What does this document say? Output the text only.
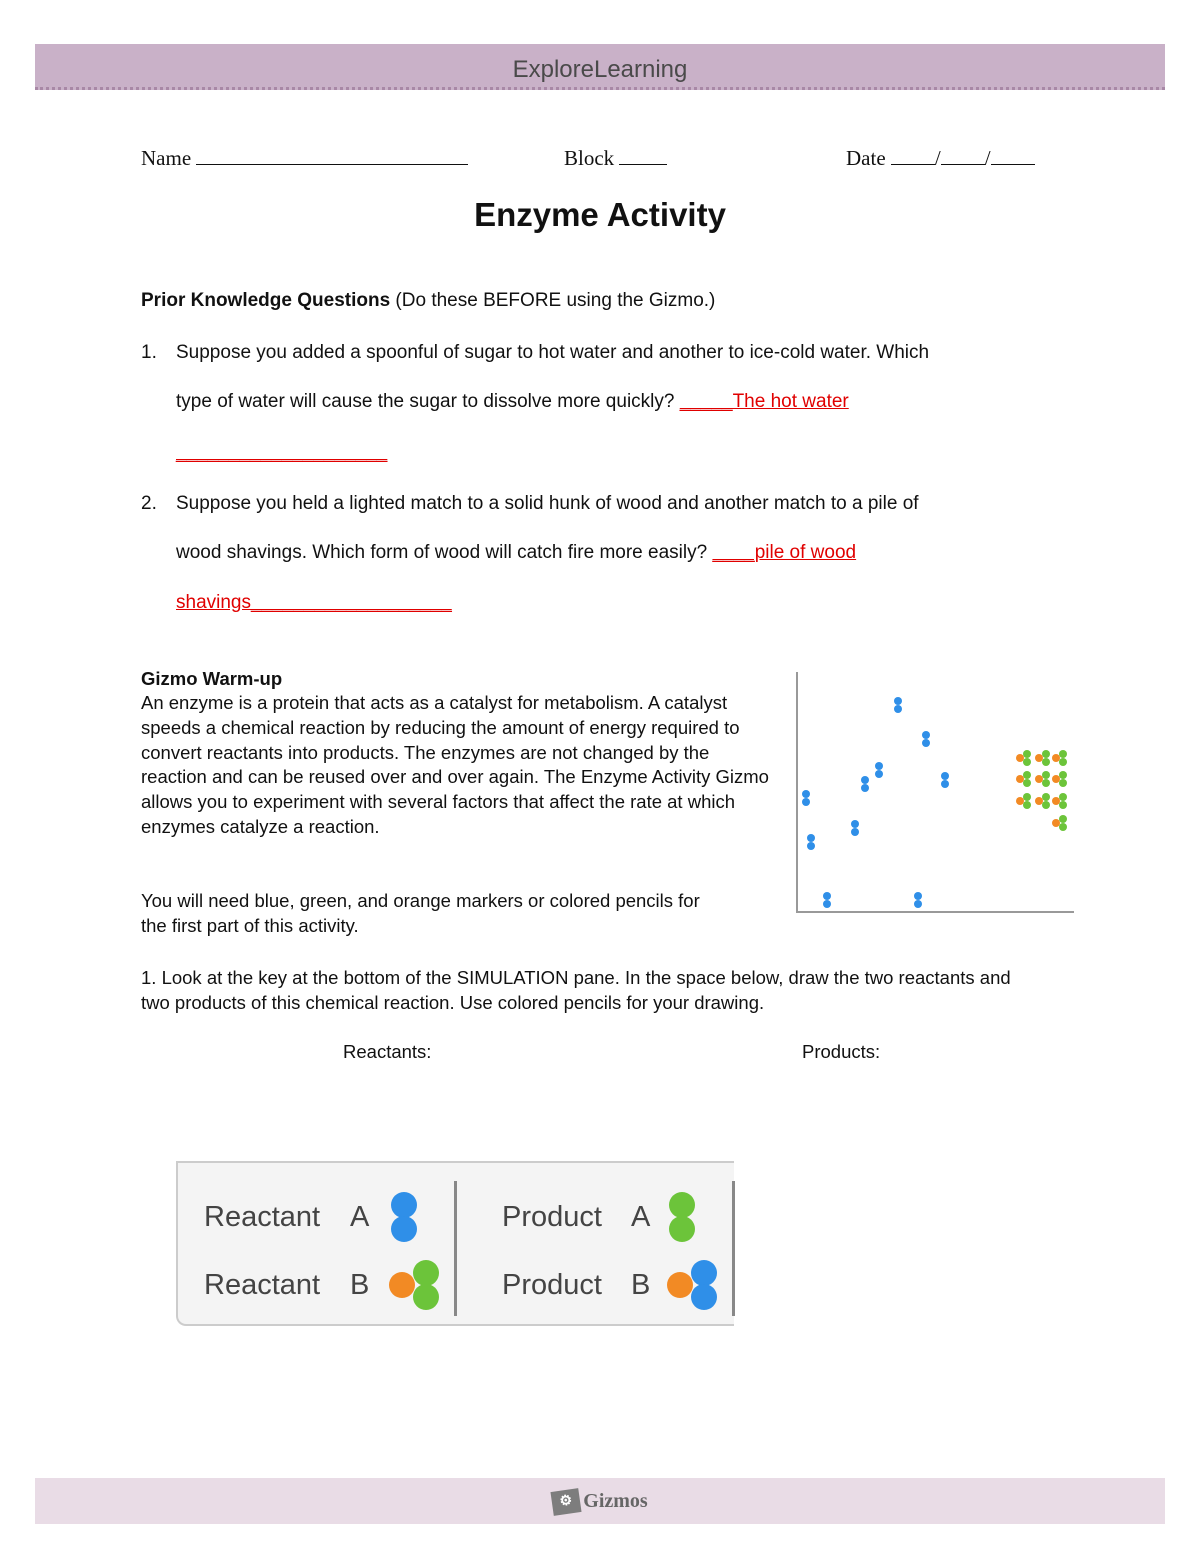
ExploreLearning
Name	Block	Date / /
Enzyme Activity
Prior Knowledge Questions (Do these BEFORE using the Gizmo.)
1. Suppose you added a spoonful of sugar to hot water and another to ice-cold water. Which
type of water will cause the sugar to dissolve more quickly? _____The hot water
____________________
2. Suppose you held a lighted match to a solid hunk of wood and another match to a pile of
wood shavings. Which form of wood will catch fire more easily? ____pile of wood
shavings___________________
Gizmo Warm-up
An enzyme is a protein that acts as a catalyst for metabolism. A catalyst speeds a chemical reaction by reducing the amount of energy required to convert reactants into products. The enzymes are not changed by the reaction and can be reused over and over again. The Enzyme Activity Gizmo allows you to experiment with several factors that affect the rate at which enzymes catalyze a reaction.
You will need blue, green, and orange markers or colored pencils for the first part of this activity.
1. Look at the key at the bottom of the SIMULATION pane. In the space below, draw the two reactants and two products of this chemical reaction. Use colored pencils for your drawing.
Reactants:	Products:
Reactant A
Reactant B
Product A
Product B
⚙ Gizmos
